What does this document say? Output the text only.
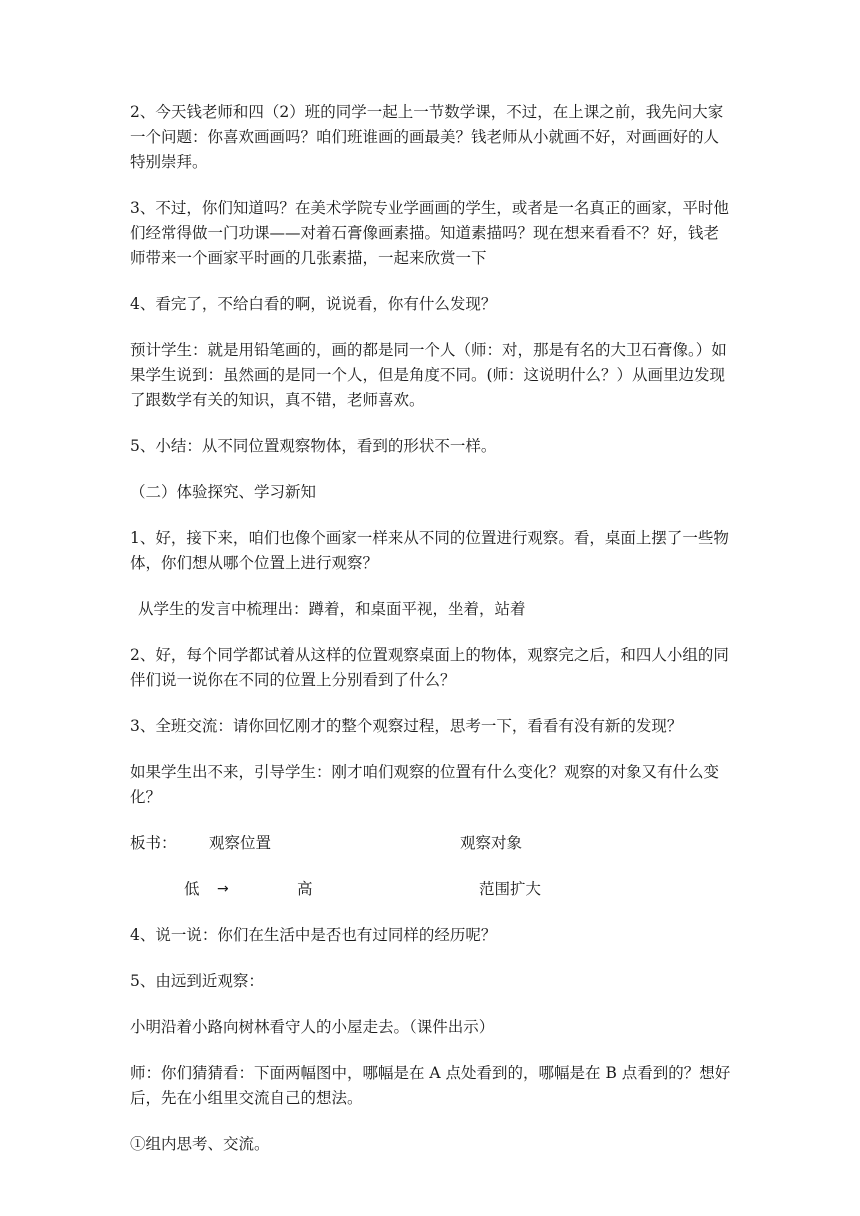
2、今天钱老师和四（2）班的同学一起上一节数学课，不过，在上课之前，我先问大家一个问题：你喜欢画画吗？咱们班谁画的画最美？钱老师从小就画不好，对画画好的人特别崇拜。

3、不过，你们知道吗？在美术学院专业学画画的学生，或者是一名真正的画家，平时他们经常得做一门功课——对着石膏像画素描。知道素描吗？现在想来看看不？好，钱老师带来一个画家平时画的几张素描，一起来欣赏一下

4、看完了，不给白看的啊，说说看，你有什么发现？

预计学生：就是用铅笔画的，画的都是同一个人（师：对，那是有名的大卫石膏像。）如果学生说到：虽然画的是同一个人，但是角度不同。(师：这说明什么？）从画里边发现了跟数学有关的知识，真不错，老师喜欢。

5、小结：从不同位置观察物体，看到的形状不一样。

（二）体验探究、学习新知

1、好，接下来，咱们也像个画家一样来从不同的位置进行观察。看，桌面上摆了一些物体，你们想从哪个位置上进行观察？

从学生的发言中梳理出：蹲着，和桌面平视，坐着，站着

2、好，每个同学都试着从这样的位置观察桌面上的物体，观察完之后，和四人小组的同伴们说一说你在不同的位置上分别看到了什么？

3、全班交流：请你回忆刚才的整个观察过程，思考一下，看看有没有新的发现？

如果学生出不来，引导学生：刚才咱们观察的位置有什么变化？观察的对象又有什么变化？

板书： 观察位置	观察对象
低 →	高	范围扩大

4、说一说：你们在生活中是否也有过同样的经历呢？

5、由远到近观察：

小明沿着小路向树林看守人的小屋走去。（课件出示）

师：你们猜猜看：下面两幅图中，哪幅是在 A 点处看到的，哪幅是在 B 点看到的？想好后，先在小组里交流自己的想法。

①组内思考、交流。
